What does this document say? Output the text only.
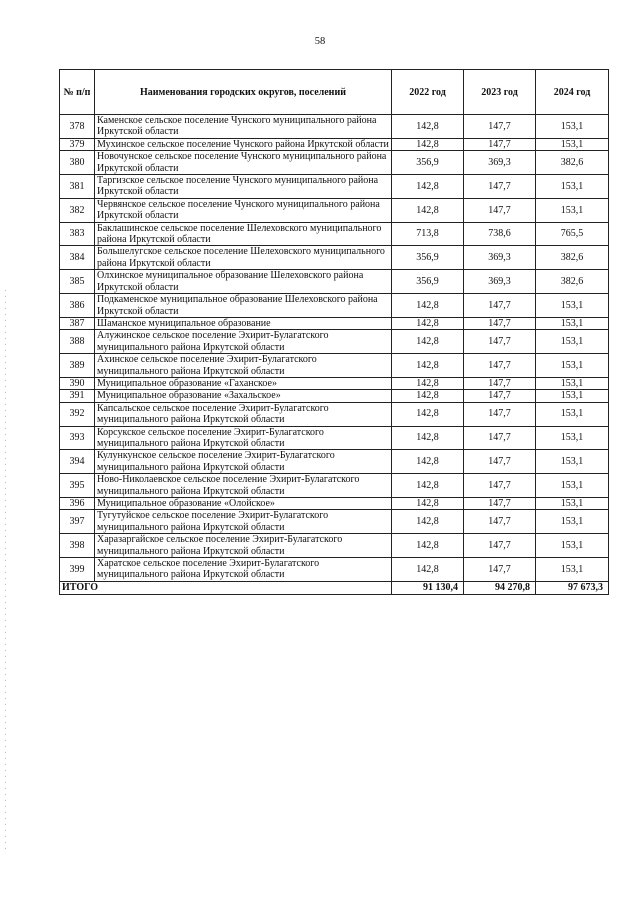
58
№ п/п	Наименования городских округов, поселений	2022 год	2023 год	2024 год
378	Каменское сельское поселение Чунского муниципального района Иркутской области	142,8	147,7	153,1
379	Мухинское сельское поселение Чунского района Иркутской области	142,8	147,7	153,1
380	Новочунское сельское поселение Чунского муниципального района Иркутской области	356,9	369,3	382,6
381	Таргизское сельское поселение Чунского муниципального района Иркутской области	142,8	147,7	153,1
382	Червянское сельское поселение Чунского муниципального района Иркутской области	142,8	147,7	153,1
383	Баклашинское сельское поселение Шелеховского муниципального района Иркутской области	713,8	738,6	765,5
384	Большелугское сельское поселение Шелеховского муниципального района Иркутской области	356,9	369,3	382,6
385	Олхинское муниципальное образование Шелеховского района Иркутской области	356,9	369,3	382,6
386	Подкаменское муниципальное образование Шелеховского района Иркутской области	142,8	147,7	153,1
387	Шаманское муниципальное образование	142,8	147,7	153,1
388	Алужинское сельское поселение Эхирит-Булагатского муниципального района Иркутской области	142,8	147,7	153,1
389	Ахинское сельское поселение Эхирит-Булагатского муниципального района Иркутской области	142,8	147,7	153,1
390	Муниципальное образование «Гаханское»	142,8	147,7	153,1
391	Муниципальное образование «Захальское»	142,8	147,7	153,1
392	Капсальское сельское поселение Эхирит-Булагатского муниципального района Иркутской области	142,8	147,7	153,1
393	Корсукское сельское поселение Эхирит-Булагатского муниципального района Иркутской области	142,8	147,7	153,1
394	Кулункунское сельское поселение Эхирит-Булагатского муниципального района Иркутской области	142,8	147,7	153,1
395	Ново-Николаевское сельское поселение Эхирит-Булагатского муниципального района Иркутской области	142,8	147,7	153,1
396	Муниципальное образование «Олойское»	142,8	147,7	153,1
397	Тугутуйское сельское поселение Эхирит-Булагатского муниципального района Иркутской области	142,8	147,7	153,1
398	Харазаргайское сельское поселение Эхирит-Булагатского муниципального района Иркутской области	142,8	147,7	153,1
399	Харатское сельское поселение Эхирит-Булагатского муниципального района Иркутской области	142,8	147,7	153,1
ИТОГО		91 130,4	94 270,8	97 673,3
